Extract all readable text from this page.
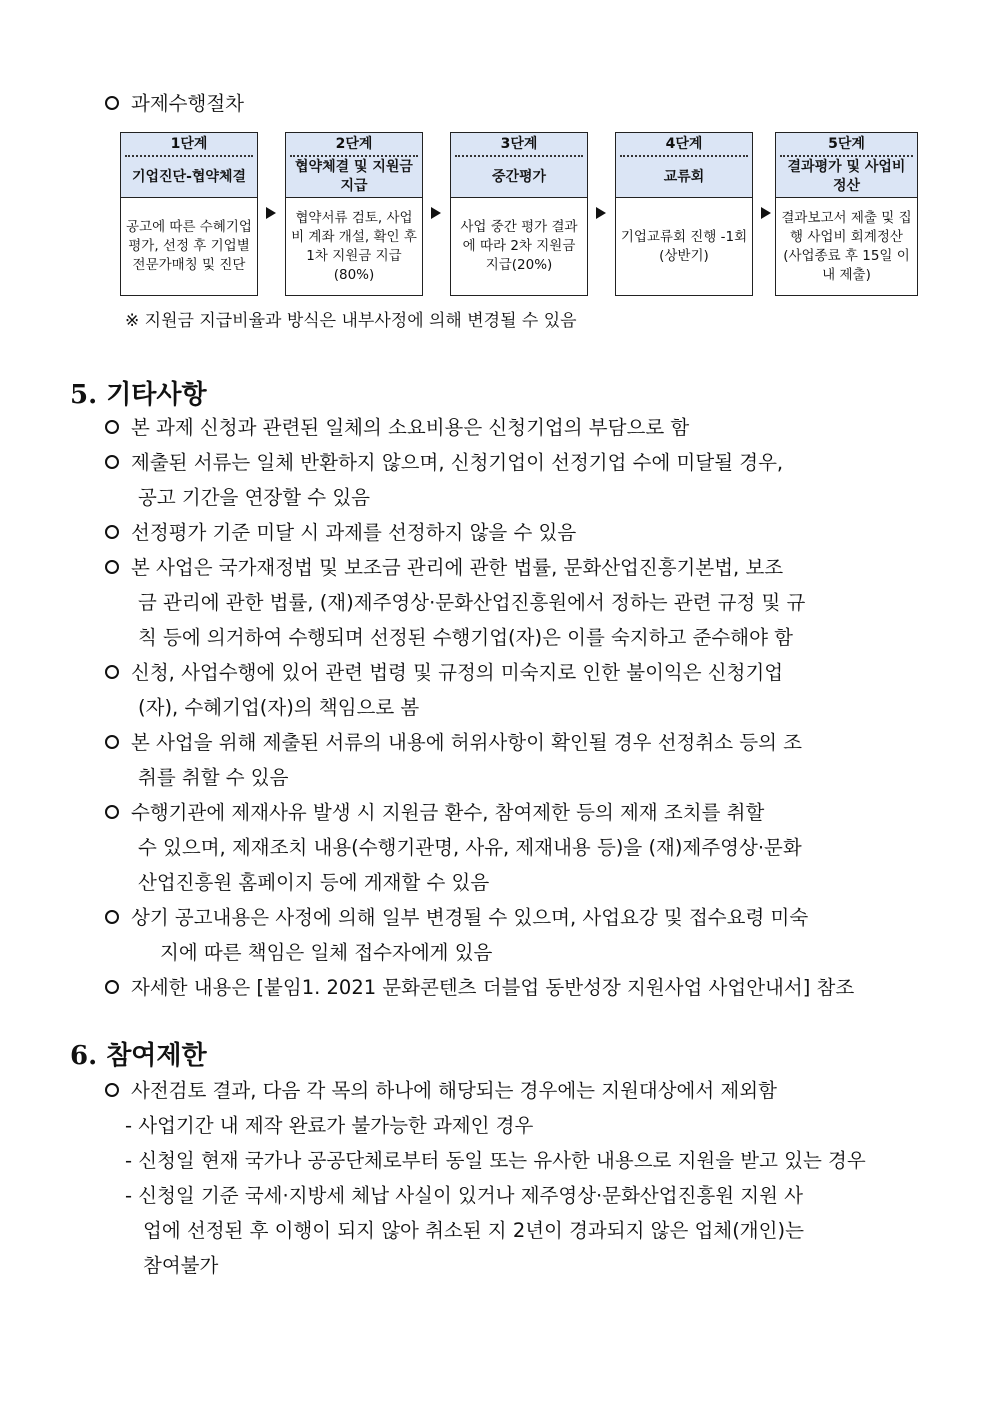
과제수행절차
1단계
기업진단-협약체결
공고에 따른 수혜기업 평가, 선정 후 기업별 전문가매칭 및 진단
2단계
협약체결 및 지원금 지급
협약서류 검토, 사업비 계좌 개설, 확인 후 1차 지원금 지급(80%)
3단계
중간평가
사업 중간 평가 결과에 따라 2차 지원금 지급(20%)
4단계
교류회
기업교류회 진행 -1회(상반기)
5단계
결과평가 및 사업비 정산
결과보고서 제출 및 집행 사업비 회계정산 (사업종료 후 15일 이내 제출)
※ 지원금 지급비율과 방식은 내부사정에 의해 변경될 수 있음
5. 기타사항
본 과제 신청과 관련된 일체의 소요비용은 신청기업의 부담으로 함
제출된 서류는 일체 반환하지 않으며, 신청기업이 선정기업 수에 미달될 경우,
공고 기간을 연장할 수 있음
선정평가 기준 미달 시 과제를 선정하지 않을 수 있음
본 사업은 국가재정법 및 보조금 관리에 관한 법률, 문화산업진흥기본법, 보조
금 관리에 관한 법률, (재)제주영상·문화산업진흥원에서 정하는 관련 규정 및 규
칙 등에 의거하여 수행되며 선정된 수행기업(자)은 이를 숙지하고 준수해야 함
신청, 사업수행에 있어 관련 법령 및 규정의 미숙지로 인한 불이익은 신청기업
(자), 수혜기업(자)의 책임으로 봄
본 사업을 위해 제출된 서류의 내용에 허위사항이 확인될 경우 선정취소 등의 조
취를 취할 수 있음
수행기관에 제재사유 발생 시 지원금 환수, 참여제한 등의 제재 조치를 취할
수 있으며, 제재조치 내용(수행기관명, 사유, 제재내용 등)을 (재)제주영상·문화
산업진흥원 홈페이지 등에 게재할 수 있음
상기 공고내용은 사정에 의해 일부 변경될 수 있으며, 사업요강 및 접수요령 미숙
지에 따른 책임은 일체 접수자에게 있음
자세한 내용은 [붙임1. 2021 문화콘텐츠 더블업 동반성장 지원사업 사업안내서] 참조
6. 참여제한
사전검토 결과, 다음 각 목의 하나에 해당되는 경우에는 지원대상에서 제외함
- 사업기간 내 제작 완료가 불가능한 과제인 경우
- 신청일 현재 국가나 공공단체로부터 동일 또는 유사한 내용으로 지원을 받고 있는 경우
- 신청일 기준 국세·지방세 체납 사실이 있거나 제주영상·문화산업진흥원 지원 사
업에 선정된 후 이행이 되지 않아 취소된 지 2년이 경과되지 않은 업체(개인)는
참여불가
